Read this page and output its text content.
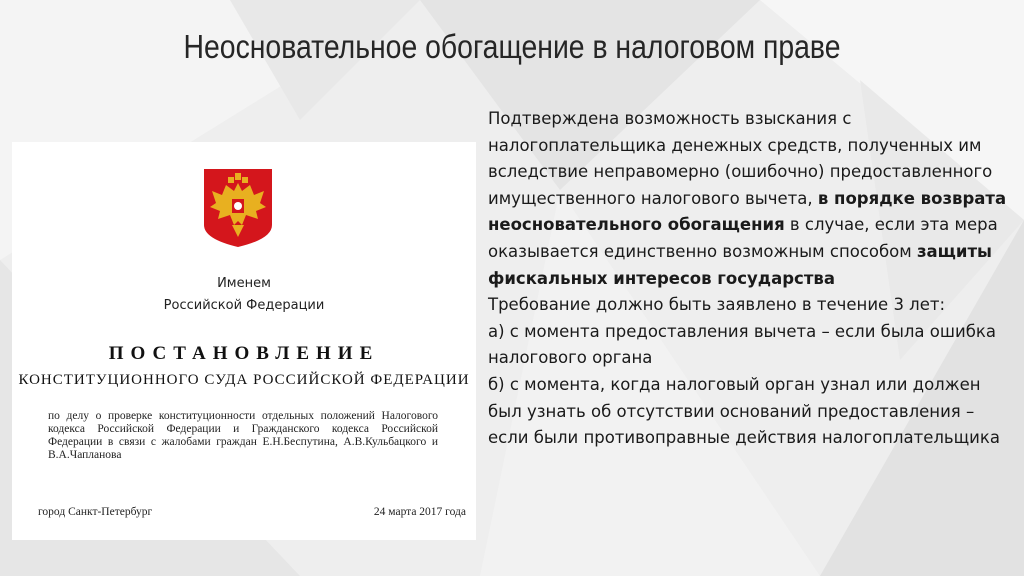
Неосновательное обогащение в налоговом праве
Именем
Российской Федерации
ПОСТАНОВЛЕНИЕ
КОНСТИТУЦИОННОГО СУДА РОССИЙСКОЙ ФЕДЕРАЦИИ
по делу о проверке конституционности отдельных положений Налогового кодекса Российской Федерации и Гражданского кодекса Российской Федерации в связи с жалобами граждан Е.Н.Беспутина, А.В.Кульбацкого и В.А.Чапланова
город Санкт-Петербург	24 марта 2017 года

Подтверждена возможность взыскания с налогоплательщика денежных средств, полученных им вследствие неправомерно (ошибочно) предоставленного имущественного налогового вычета, в порядке возврата неосновательного обогащения в случае, если эта мера оказывается единственно возможным способом защиты фискальных интересов государства

Требование должно быть заявлено в течение 3 лет:

а) с момента предоставления вычета – если была ошибка налогового органа

б) с момента, когда налоговый орган узнал или должен был узнать об отсутствии оснований предоставления – если были противоправные действия налогоплательщика
